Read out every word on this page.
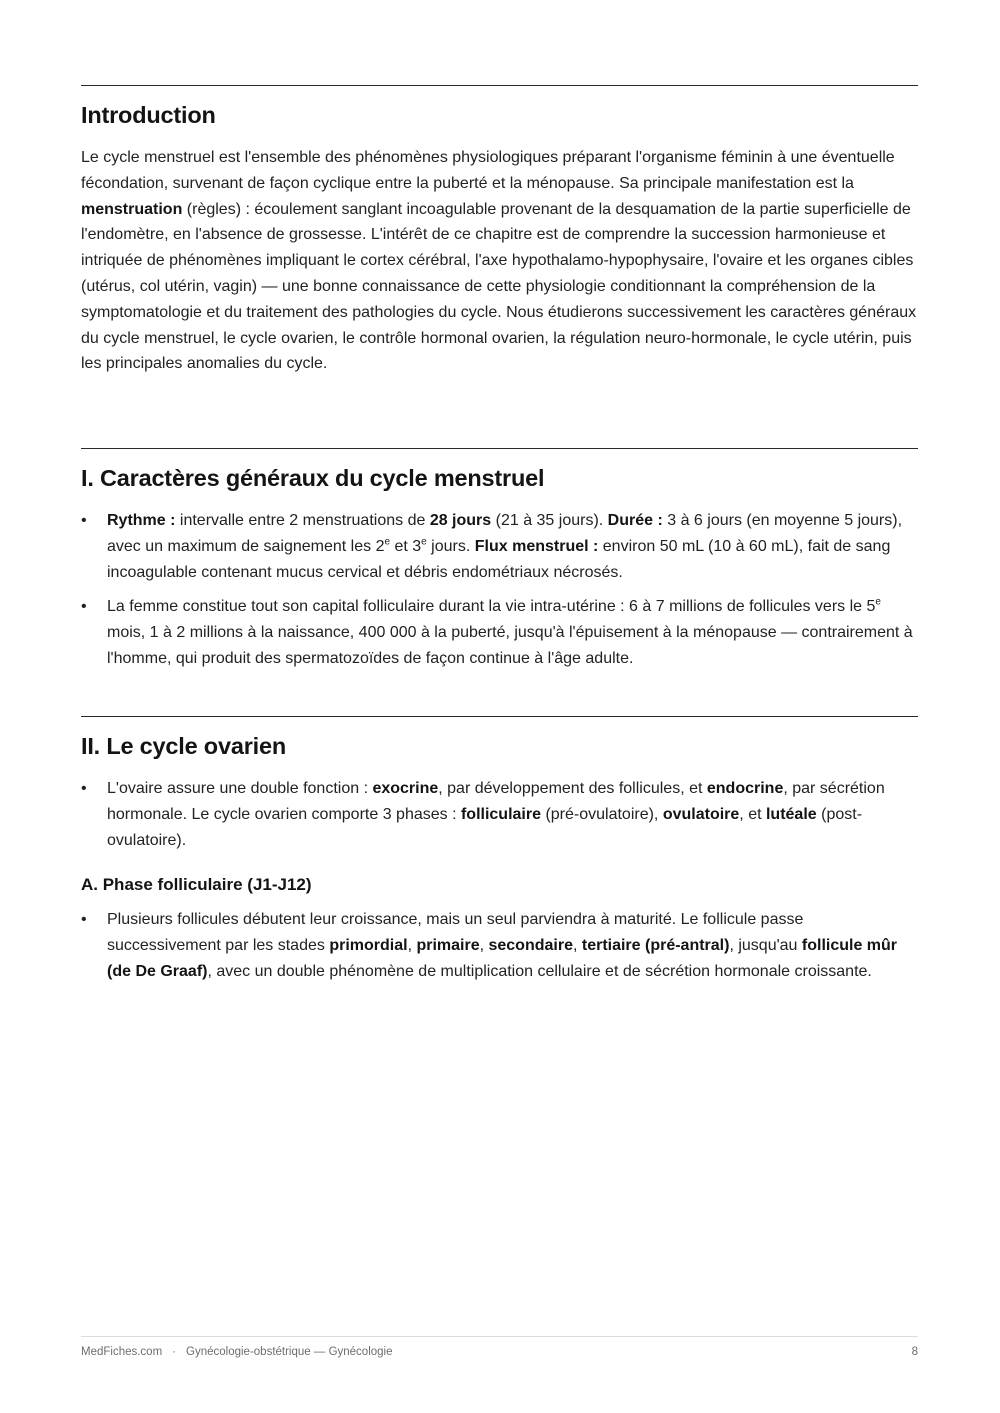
Introduction

Le cycle menstruel est l'ensemble des phénomènes physiologiques préparant l'organisme féminin à une éventuelle fécondation, survenant de façon cyclique entre la puberté et la ménopause. Sa principale manifestation est la menstruation (règles) : écoulement sanglant incoagulable provenant de la desquamation de la partie superficielle de l'endomètre, en l'absence de grossesse. L'intérêt de ce chapitre est de comprendre la succession harmonieuse et intriquée de phénomènes impliquant le cortex cérébral, l'axe hypothalamo-hypophysaire, l'ovaire et les organes cibles (utérus, col utérin, vagin) — une bonne connaissance de cette physiologie conditionnant la compréhension de la symptomatologie et du traitement des pathologies du cycle. Nous étudierons successivement les caractères généraux du cycle menstruel, le cycle ovarien, le contrôle hormonal ovarien, la régulation neuro-hormonale, le cycle utérin, puis les principales anomalies du cycle.

I. Caractères généraux du cycle menstruel
• Rythme : intervalle entre 2 menstruations de 28 jours (21 à 35 jours). Durée : 3 à 6 jours (en moyenne 5 jours), avec un maximum de saignement les 2e et 3e jours. Flux menstruel : environ 50 mL (10 à 60 mL), fait de sang incoagulable contenant mucus cervical et débris endométriaux nécrosés.
• La femme constitue tout son capital folliculaire durant la vie intra-utérine : 6 à 7 millions de follicules vers le 5e mois, 1 à 2 millions à la naissance, 400 000 à la puberté, jusqu'à l'épuisement à la ménopause — contrairement à l'homme, qui produit des spermatozoïdes de façon continue à l'âge adulte.
II. Le cycle ovarien
• L'ovaire assure une double fonction : exocrine, par développement des follicules, et endocrine, par sécrétion hormonale. Le cycle ovarien comporte 3 phases : folliculaire (pré-ovulatoire), ovulatoire, et lutéale (post-ovulatoire).
A. Phase folliculaire (J1-J12)
• Plusieurs follicules débutent leur croissance, mais un seul parviendra à maturité. Le follicule passe successivement par les stades primordial, primaire, secondaire, tertiaire (pré-antral), jusqu'au follicule mûr (de De Graaf), avec un double phénomène de multiplication cellulaire et de sécrétion hormonale croissante.
MedFiches.com · Gynécologie-obstétrique — Gynécologie	8
